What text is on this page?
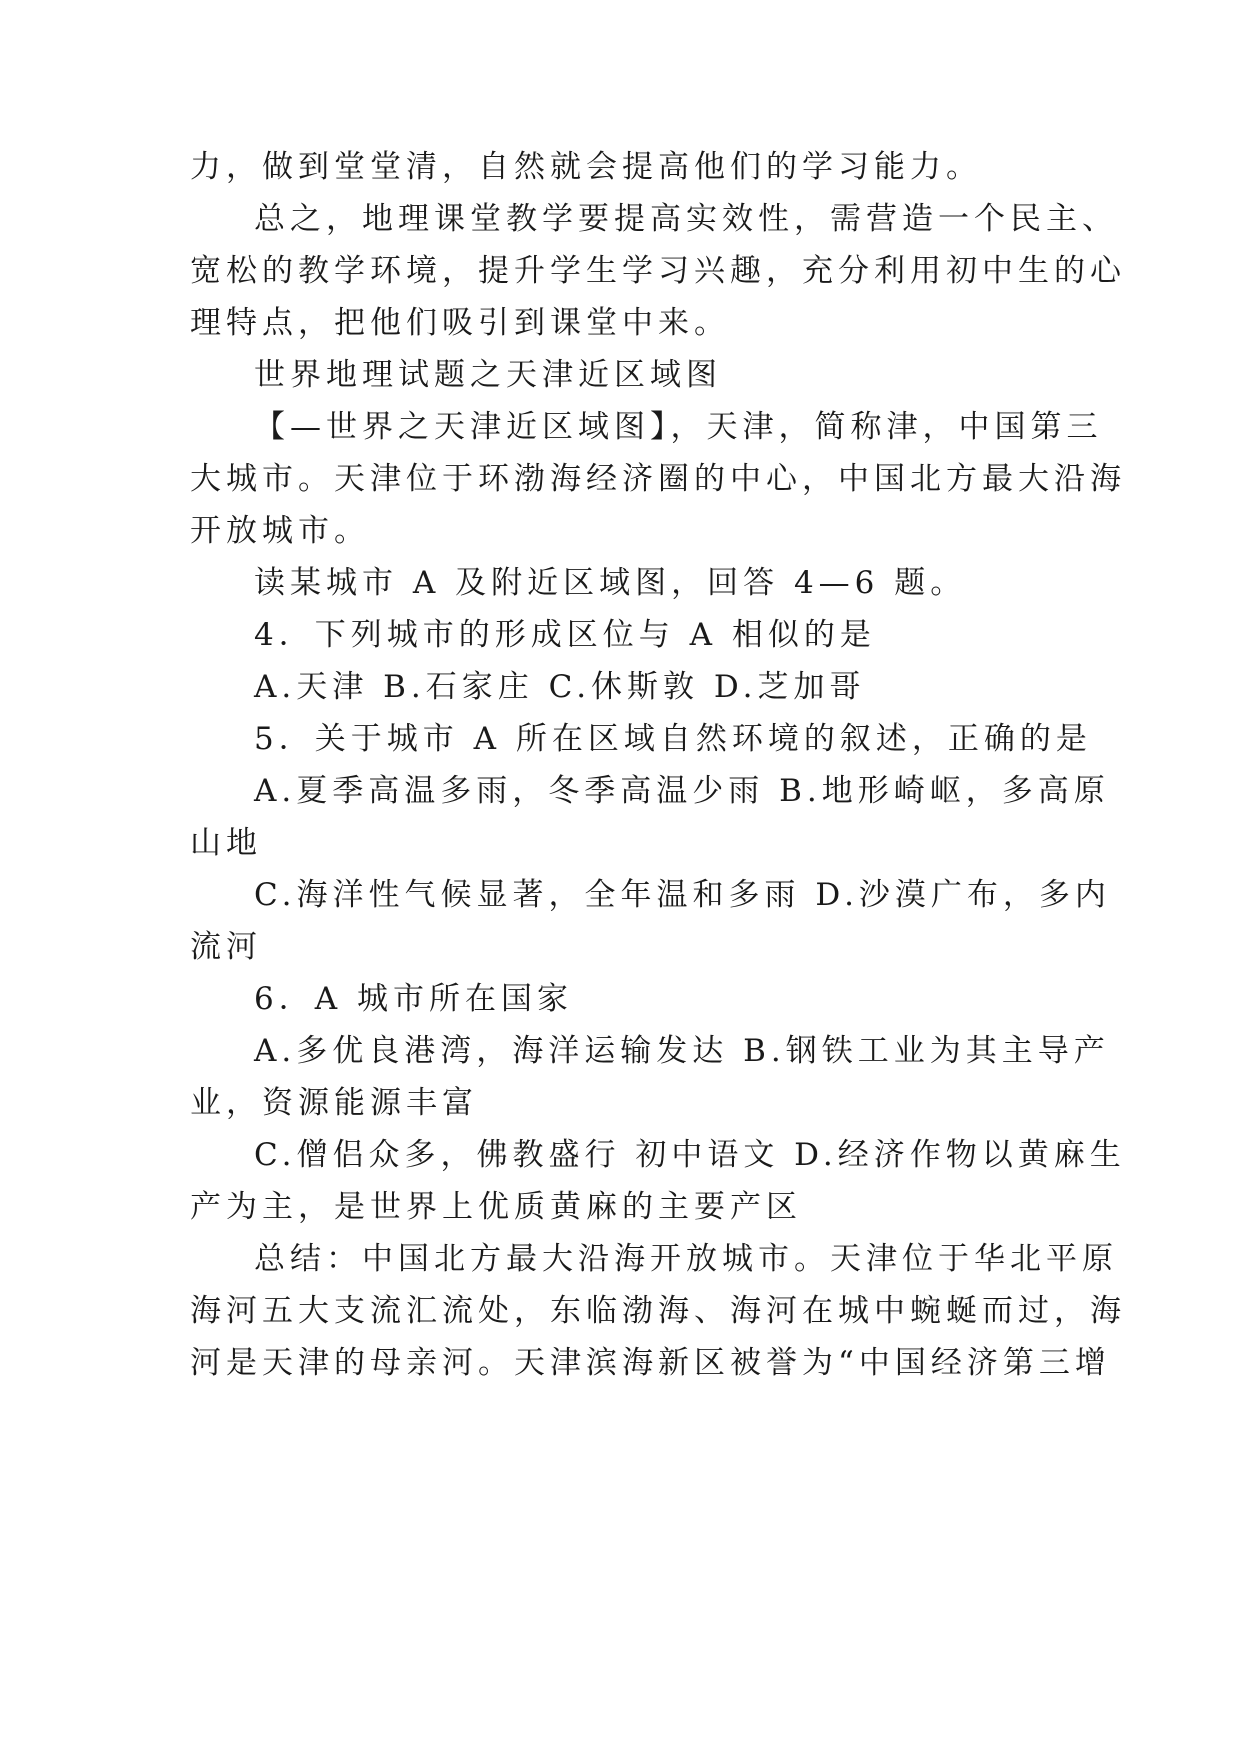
力，做到堂堂清，自然就会提高他们的学习能力。
总之，地理课堂教学要提高实效性，需营造一个民主、
宽松的教学环境，提升学生学习兴趣，充分利用初中生的心
理特点，把他们吸引到课堂中来。
世界地理试题之天津近区域图
【—世界之天津近区域图】，天津，简称津，中国第三
大城市。天津位于环渤海经济圈的中心，中国北方最大沿海
开放城市。
读某城市 A 及附近区域图，回答 4—6 题。
4．下列城市的形成区位与 A 相似的是
A.天津 B.石家庄 C.休斯敦 D.芝加哥
5．关于城市 A 所在区域自然环境的叙述，正确的是
A.夏季高温多雨，冬季高温少雨 B.地形崎岖，多高原
山地
C.海洋性气候显著，全年温和多雨 D.沙漠广布，多内
流河
6．A 城市所在国家
A.多优良港湾，海洋运输发达 B.钢铁工业为其主导产
业，资源能源丰富
C.僧侣众多，佛教盛行 初中语文 D.经济作物以黄麻生
产为主，是世界上优质黄麻的主要产区
总结：中国北方最大沿海开放城市。天津位于华北平原
海河五大支流汇流处，东临渤海、海河在城中蜿蜒而过，海
河是天津的母亲河。天津滨海新区被誉为“中国经济第三增
